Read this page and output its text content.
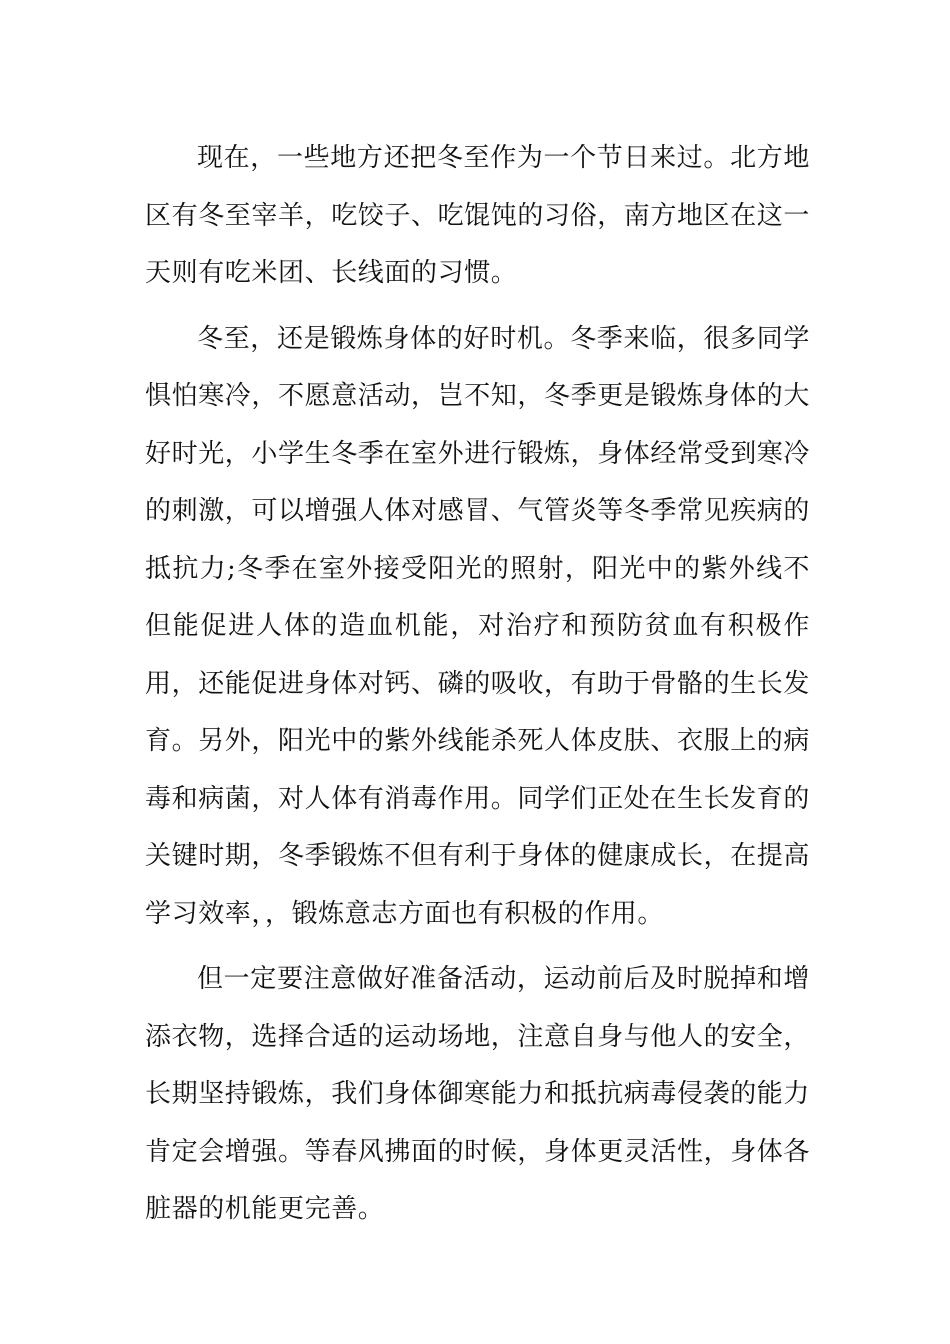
现在，一些地方还把冬至作为一个节日来过。北方地区有冬至宰羊，吃饺子、吃馄饨的习俗，南方地区在这一天则有吃米团、长线面的习惯。

冬至，还是锻炼身体的好时机。冬季来临，很多同学惧怕寒冷，不愿意活动，岂不知，冬季更是锻炼身体的大好时光，小学生冬季在室外进行锻炼，身体经常受到寒冷的刺激，可以增强人体对感冒、气管炎等冬季常见疾病的抵抗力;冬季在室外接受阳光的照射，阳光中的紫外线不但能促进人体的造血机能，对治疗和预防贫血有积极作用，还能促进身体对钙、磷的吸收，有助于骨骼的生长发育。另外，阳光中的紫外线能杀死人体皮肤、衣服上的病毒和病菌，对人体有消毒作用。同学们正处在生长发育的关键时期，冬季锻炼不但有利于身体的健康成长，在提高学习效率，，锻炼意志方面也有积极的作用。

但一定要注意做好准备活动，运动前后及时脱掉和增添衣物，选择合适的运动场地，注意自身与他人的安全，长期坚持锻炼，我们身体御寒能力和抵抗病毒侵袭的能力肯定会增强。等春风拂面的时候，身体更灵活性，身体各脏器的机能更完善。
